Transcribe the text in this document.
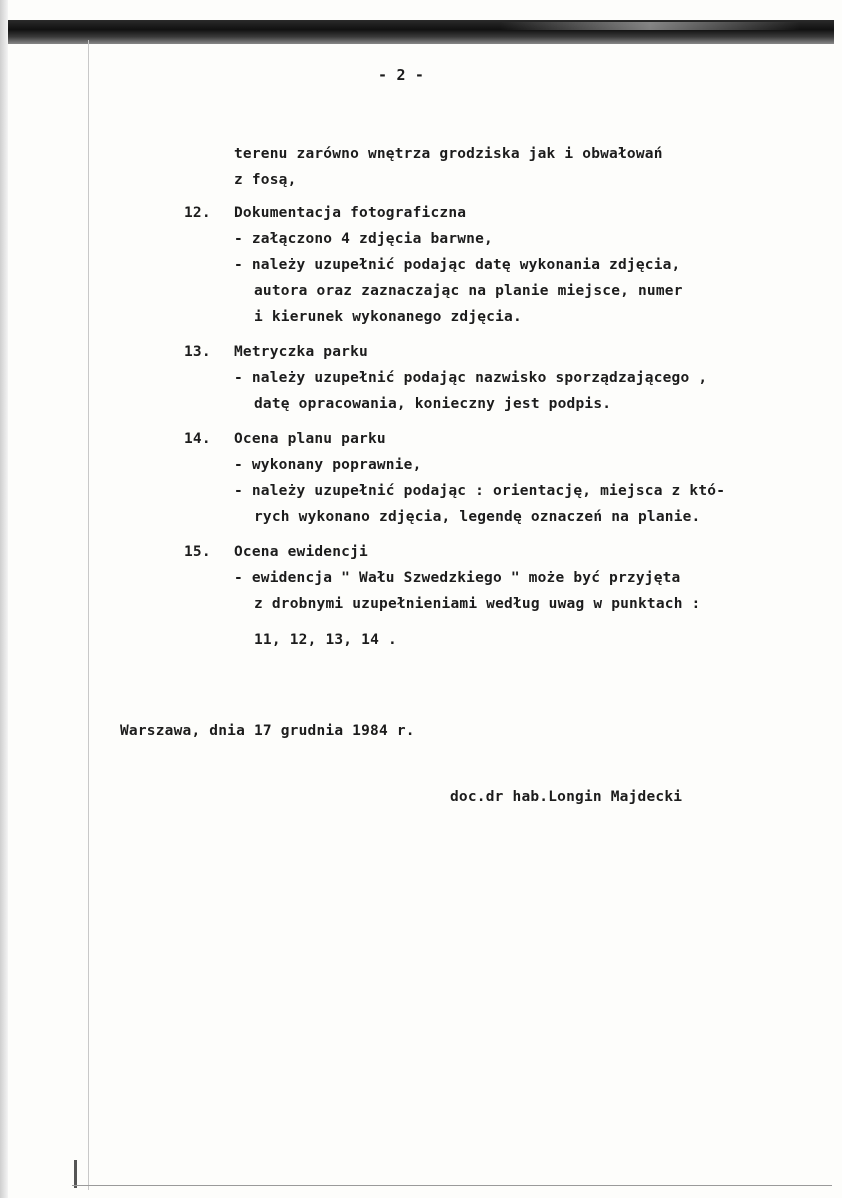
- 2 -
terenu zarówno wnętrza grodziska jak i obwałowań
z fosą,
12. Dokumentacja fotograficzna
- załączono 4 zdjęcia barwne,
- należy uzupełnić podając datę wykonania zdjęcia,
autora oraz zaznaczając na planie miejsce, numer
i kierunek wykonanego zdjęcia.
13. Metryczka parku
- należy uzupełnić podając nazwisko sporządzającego ,
datę opracowania, konieczny jest podpis.
14. Ocena planu parku
- wykonany poprawnie,
- należy uzupełnić podając : orientację, miejsca z któ-
rych wykonano zdjęcia, legendę oznaczeń na planie.
15. Ocena ewidencji
- ewidencja " Wału Szwedzkiego " może być przyjęta
z drobnymi uzupełnieniami według uwag w punktach :
11, 12, 13, 14 .
Warszawa, dnia 17 grudnia 1984 r.
doc.dr hab.Longin Majdecki
